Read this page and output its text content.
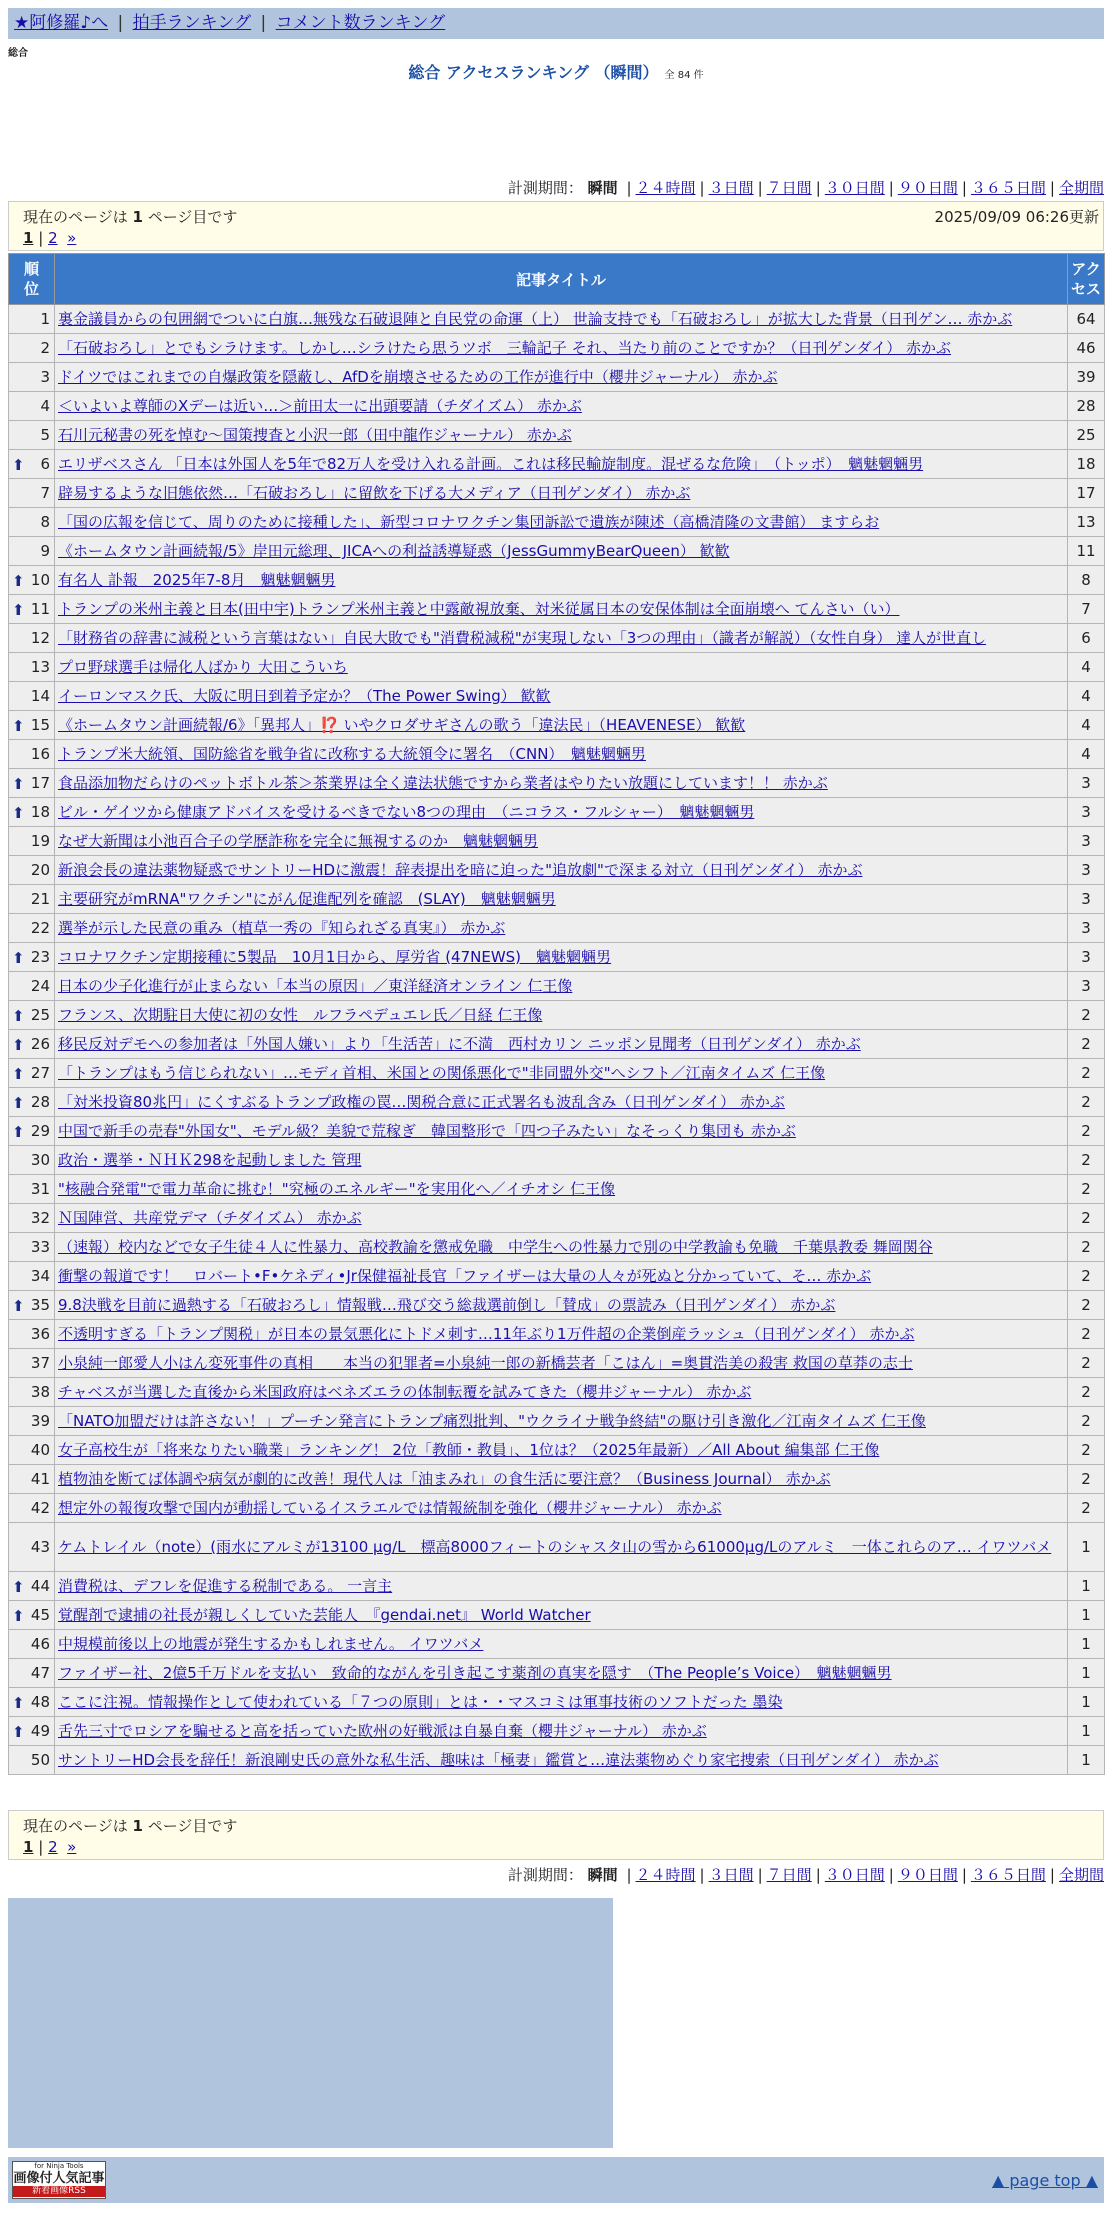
★阿修羅♪へ | 拍手ランキング | コメント数ランキング
総合
総合 アクセスランキング （瞬間） 全 84 件
計測期間： 瞬間 | ２４時間 | ３日間 | ７日間 | ３０日間 | ９０日間 | ３６５日間 | 全期間
現在のページは 1 ページ目です	2025/09/09 06:26更新
1 | 2 »
順位	記事タイトル	アクセス
1	裏金議員からの包囲網でついに白旗…無残な石破退陣と自民党の命運（上） 世論支持でも「石破おろし」が拡大した背景（日刊ゲン… 赤かぶ	64
2	「石破おろし」とでもシラけます。しかし…シラけたら思うツボ　三輪記子 それ、当たり前のことですか？（日刊ゲンダイ） 赤かぶ	46
3	ドイツではこれまでの自爆政策を隠蔽し、AfDを崩壊させるための工作が進行中（櫻井ジャーナル） 赤かぶ	39
4	＜いよいよ尊師のXデーは近い…＞前田太一に出頭要請（チダイズム） 赤かぶ	28
5	石川元秘書の死を悼む～国策捜査と小沢一郎（田中龍作ジャーナル） 赤かぶ	25

⬆ 6	エリザベスさん 「日本は外国人を5年で82万人を受け入れる計画。これは移民輸旋制度。混ぜるな危険」　（トッポ）　魑魅魍魎男	18
7	辟易するような旧態依然…「石破おろし」に留飲を下げる大メディア（日刊ゲンダイ） 赤かぶ	17
8	「国の広報を信じて、周りのために接種した」、新型コロナワクチン集団訴訟で遺族が陳述（高橋清隆の文書館） ますらお	13
9	《ホームタウン計画続報/5》岸田元総理、JICAへの利益誘導疑惑（JessGummyBearQueen） 歓歓	11

⬆ 10	有名人 訃報　2025年7-8月　魑魅魍魎男	8

⬆ 11	トランプの米州主義と日本(田中宇)トランプ米州主義と中露敵視放棄、対米従属日本の安保体制は全面崩壊へ てんさい（い）	7
12	「財務省の辞書に減税という言葉はない」自民大敗でも"消費税減税"が実現しない「3つの理由」（識者が解説）（女性自身） 達人が世直し	6
13	プロ野球選手は帰化人ばかり 大田こういち	4
14	イーロンマスク氏、大阪に明日到着予定か？（The Power Swing） 歓歓	4

⬆ 15	《ホームタウン計画続報/6》「異邦人」⁉️ いやクロダサギさんの歌う「違法民」（HEAVENESE） 歓歓	4
16	トランプ米大統領、国防総省を戦争省に改称する大統領令に署名　（CNN）　魑魅魍魎男	4

⬆ 17	食品添加物だらけのペットボトル茶＞茶業界は全く違法状態ですから業者はやりたい放題にしています！！ 赤かぶ	3

⬆ 18	ビル・ゲイツから健康アドバイスを受けるべきでない8つの理由　（ニコラス・フルシャー）　魑魅魍魎男	3
19	なぜ大新聞は小池百合子の学歴詐称を完全に無視するのか　魑魅魍魎男	3
20	新浪会長の違法薬物疑惑でサントリーHDに激震！辞表提出を暗に迫った"追放劇"で深まる対立（日刊ゲンダイ） 赤かぶ	3
21	主要研究がmRNA"ワクチン"にがん促進配列を確認　(SLAY)　魑魅魍魎男	3
22	選挙が示した民意の重み（植草一秀の『知られざる真実』） 赤かぶ	3

⬆ 23	コロナワクチン定期接種に5製品　10月1日から、厚労省 (47NEWS)　魑魅魍魎男	3
24	日本の少子化進行が止まらない「本当の原因」／東洋経済オンライン 仁王像	3

⬆ 25	フランス、次期駐日大使に初の女性　ルフラペデュエレ氏／日経 仁王像	2

⬆ 26	移民反対デモへの参加者は「外国人嫌い」より「生活苦」に不満　西村カリン ニッポン見聞考（日刊ゲンダイ） 赤かぶ	2

⬆ 27	「トランプはもう信じられない」…モディ首相、米国との関係悪化で"非同盟外交"へシフト／江南タイムズ 仁王像	2

⬆ 28	「対米投資80兆円」にくすぶるトランプ政権の罠…関税合意に正式署名も波乱含み（日刊ゲンダイ） 赤かぶ	2

⬆ 29	中国で新手の売春"外国女"、モデル級？美貌で荒稼ぎ　韓国整形で「四つ子みたい」なそっくり集団も 赤かぶ	2
30	政治・選挙・ＮＨＫ298を起動しました 管理	2
31	"核融合発電"で電力革命に挑む！"究極のエネルギー"を実用化へ／イチオシ 仁王像	2
32	Ｎ国陣営、共産党デマ（チダイズム） 赤かぶ	2
33	（速報）校内などで女子生徒４人に性暴力、高校教諭を懲戒免職　中学生への性暴力で別の中学教諭も免職　千葉県教委 舞岡関谷	2
34	衝撃の報道です！　ロバート•F•ケネディ•Jr保健福祉長官「ファイザーは大量の人々が死ぬと分かっていて、そ… 赤かぶ	2

⬆ 35	9.8決戦を目前に過熱する「石破おろし」情報戦…飛び交う総裁選前倒し「賛成」の票読み（日刊ゲンダイ） 赤かぶ	2
36	不透明すぎる「トランプ関税」が日本の景気悪化にトドメ刺す…11年ぶり1万件超の企業倒産ラッシュ（日刊ゲンダイ） 赤かぶ	2
37	小泉純一郎愛人小はん変死事件の真相　　本当の犯罪者=小泉純一郎の新橋芸者「こはん」=奥貫浩美の殺害 救国の草莽の志士	2
38	チャベスが当選した直後から米国政府はベネズエラの体制転覆を試みてきた（櫻井ジャーナル） 赤かぶ	2
39	「NATO加盟だけは許さない！」プーチン発言にトランプ痛烈批判、"ウクライナ戦争終結"の駆け引き激化／江南タイムズ 仁王像	2
40	女子高校生が「将来なりたい職業」ランキング！ 2位「教師・教員」、1位は？（2025年最新）／All About 編集部 仁王像	2
41	植物油を断てば体調や病気が劇的に改善！現代人は「油まみれ」の食生活に要注意？（Business Journal） 赤かぶ	2
42	想定外の報復攻撃で国内が動揺しているイスラエルでは情報統制を強化（櫻井ジャーナル） 赤かぶ	2
43	ケムトレイル（note）(雨水にアルミが13100 μg/L　標高8000フィートのシャスタ山の雪から61000μg/Lのアルミ　一体これらのア… イワツバメ	1

⬆ 44	消費税は、デフレを促進する税制である。 一言主	1

⬆ 45	覚醒剤で逮捕の社長が親しくしていた芸能人　『gendai.net』 World Watcher	1
46	中規模前後以上の地震が発生するかもしれません。 イワツバメ	1
47	ファイザー社、2億5千万ドルを支払い　致命的ながんを引き起こす薬剤の真実を隠す　（The People’s Voice）　魑魅魍魎男	1

⬆ 48	ここに注視。情報操作として使われている「７つの原則」とは・・マスコミは軍事技術のソフトだった 墨染	1

⬆ 49	舌先三寸でロシアを騙せると高を括っていた欧州の好戦派は自暴自棄（櫻井ジャーナル） 赤かぶ	1
50	サントリーHD会長を辞任！新浪剛史氏の意外な私生活、趣味は「極妻」鑑賞と…違法薬物めぐり家宅捜索（日刊ゲンダイ） 赤かぶ	1
現在のページは 1 ページ目です
1 | 2 »
計測期間： 瞬間 | ２４時間 | ３日間 | ７日間 | ３０日間 | ９０日間 | ３６５日間 | 全期間
for Ninja Tools
画像付人気記事
新着画像RSS
▲ page top ▲
